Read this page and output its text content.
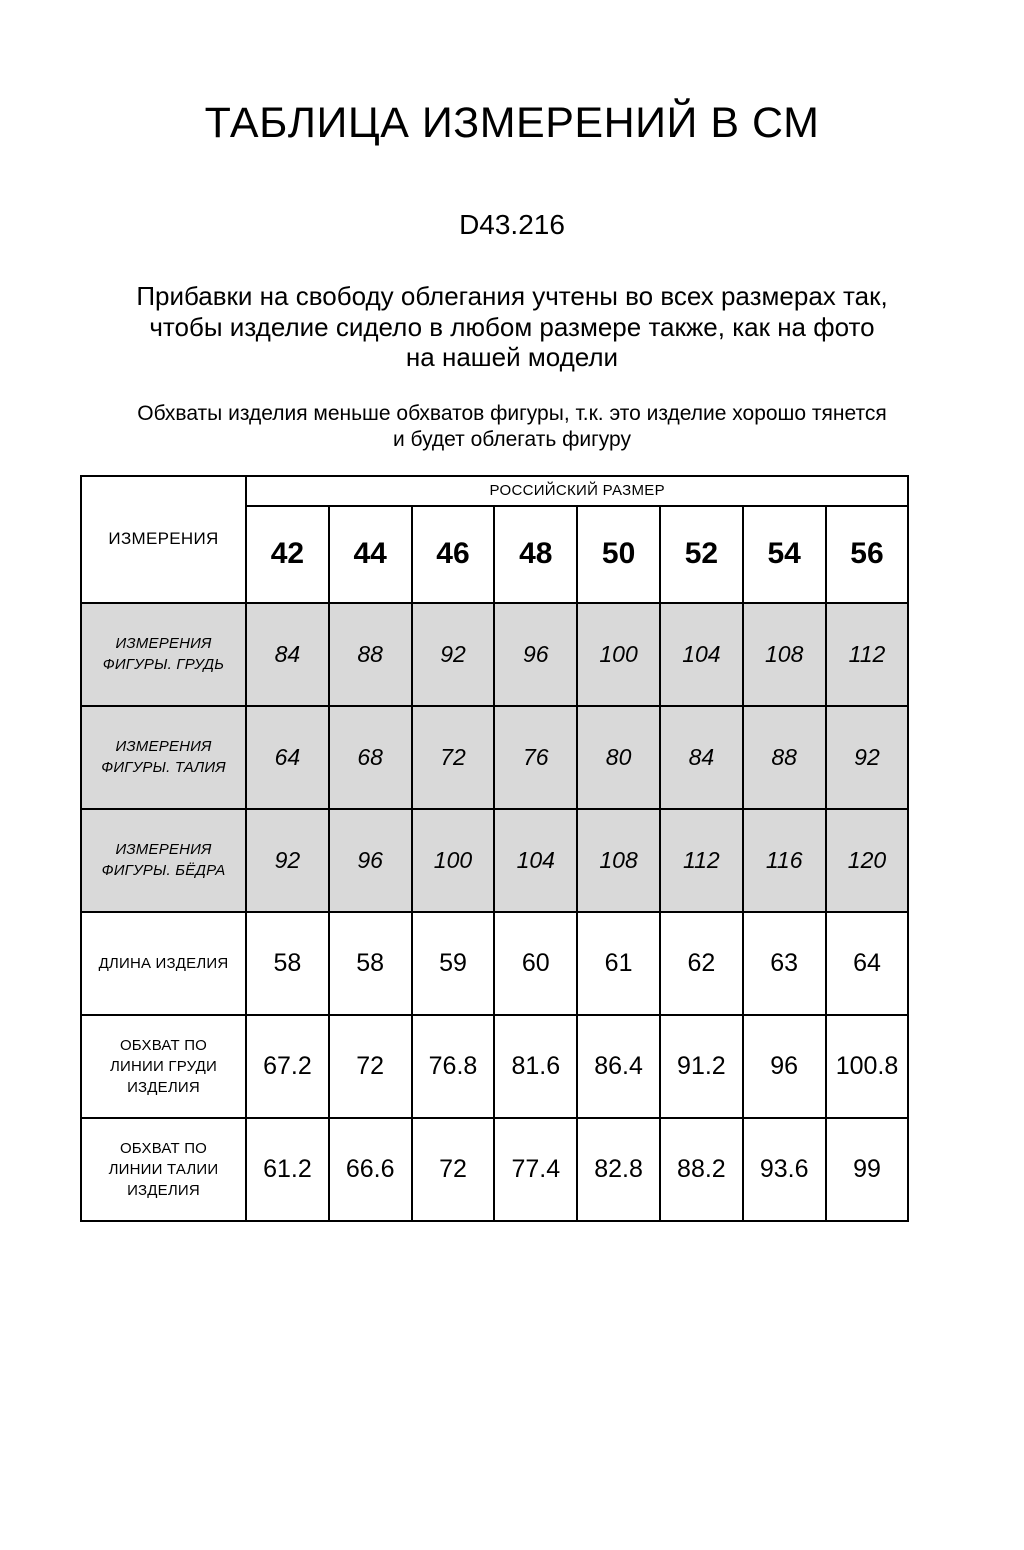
ТАБЛИЦА ИЗМЕРЕНИЙ В СМ
D43.216
Прибавки на свободу облегания учтены во всех размерах так,
чтобы изделие сидело в любом размере также, как на фото
на нашей модели
Обхваты изделия меньше обхватов фигуры, т.к. это изделие хорошо тянется
и будет облегать фигуру
ИЗМЕРЕНИЯ	РОССИЙСКИЙ РАЗМЕР							
	42	44	46	48	50	52	54	56
ИЗМЕРЕНИЯ ФИГУРЫ. ГРУДЬ	84	88	92	96	100	104	108	112
ИЗМЕРЕНИЯ ФИГУРЫ. ТАЛИЯ	64	68	72	76	80	84	88	92
ИЗМЕРЕНИЯ ФИГУРЫ. БЁДРА	92	96	100	104	108	112	116	120
ДЛИНА ИЗДЕЛИЯ	58	58	59	60	61	62	63	64
ОБХВАТ ПО ЛИНИИ ГРУДИ ИЗДЕЛИЯ	67.2	72	76.8	81.6	86.4	91.2	96	100.8
ОБХВАТ ПО ЛИНИИ ТАЛИИ ИЗДЕЛИЯ	61.2	66.6	72	77.4	82.8	88.2	93.6	99
